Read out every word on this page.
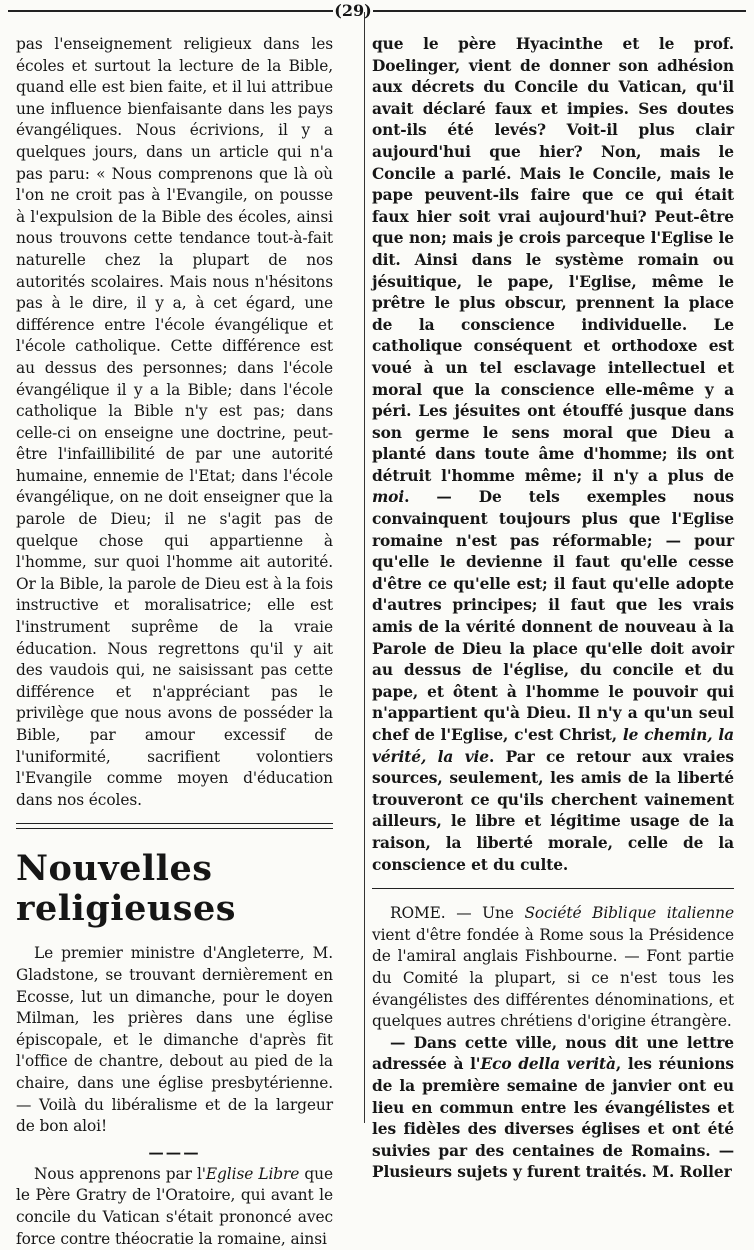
(29)

pas l'enseignement religieux dans les écoles et surtout la lecture de la Bible, quand elle est bien faite, et il lui attribue une influence bienfaisante dans les pays évangéliques. Nous écrivions, il y a quelques jours, dans un article qui n'a pas paru: « Nous comprenons que là où l'on ne croit pas à l'Evangile, on pousse à l'expulsion de la Bible des écoles, ainsi nous trouvons cette tendance tout-à-fait naturelle chez la plupart de nos autorités scolaires. Mais nous n'hésitons pas à le dire, il y a, à cet égard, une différence entre l'école évangélique et l'école catholique. Cette différence est au dessus des personnes; dans l'école évangélique il y a la Bible; dans l'école catholique la Bible n'y est pas; dans celle-ci on enseigne une doctrine, peut-être l'infaillibilité de par une autorité humaine, ennemie de l'Etat; dans l'école évangélique, on ne doit enseigner que la parole de Dieu; il ne s'agit pas de quelque chose qui appartienne à l'homme, sur quoi l'homme ait autorité. Or la Bible, la parole de Dieu est à la fois instructive et moralisatrice; elle est l'instrument suprême de la vraie éducation. Nous regrettons qu'il y ait des vaudois qui, ne saisissant pas cette différence et n'appréciant pas le privilège que nous avons de posséder la Bible, par amour excessif de l'uniformité, sacrifient volontiers l'Evangile comme moyen d'éducation dans nos écoles.

Nouvelles religieuses

Le premier ministre d'Angleterre, M. Gladstone, se trouvant dernièrement en Ecosse, lut un dimanche, pour le doyen Milman, les prières dans une église épiscopale, et le dimanche d'après fit l'office de chantre, debout au pied de la chaire, dans une église presbytérienne. — Voilà du libéralisme et de la largeur de bon aloi!

———

Nous apprenons par l'Eglise Libre que le Père Gratry de l'Oratoire, qui avant le concile du Vatican s'était prononcé avec force contre théocratie la romaine, ainsi

que le père Hyacinthe et le prof. Doelinger, vient de donner son adhésion aux décrets du Concile du Vatican, qu'il avait déclaré faux et impies. Ses doutes ont-ils été levés? Voit-il plus clair aujourd'hui que hier? Non, mais le Concile a parlé. Mais le Concile, mais le pape peuvent-ils faire que ce qui était faux hier soit vrai aujourd'hui? Peut-être que non; mais je crois parceque l'Eglise le dit. Ainsi dans le système romain ou jésuitique, le pape, l'Eglise, même le prêtre le plus obscur, prennent la place de la conscience individuelle. Le catholique conséquent et orthodoxe est voué à un tel esclavage intellectuel et moral que la conscience elle-même y a péri. Les jésuites ont étouffé jusque dans son germe le sens moral que Dieu a planté dans toute âme d'homme; ils ont détruit l'homme même; il n'y a plus de moi. — De tels exemples nous convainquent toujours plus que l'Eglise romaine n'est pas réformable; — pour qu'elle le devienne il faut qu'elle cesse d'être ce qu'elle est; il faut qu'elle adopte d'autres principes; il faut que les vrais amis de la vérité donnent de nouveau à la Parole de Dieu la place qu'elle doit avoir au dessus de l'église, du concile et du pape, et ôtent à l'homme le pouvoir qui n'appartient qu'à Dieu. Il n'y a qu'un seul chef de l'Eglise, c'est Christ, le chemin, la vérité, la vie. Par ce retour aux vraies sources, seulement, les amis de la liberté trouveront ce qu'ils cherchent vainement ailleurs, le libre et légitime usage de la raison, la liberté morale, celle de la conscience et du culte.

ROME. — Une Société Biblique italienne vient d'être fondée à Rome sous la Présidence de l'amiral anglais Fishbourne. — Font partie du Comité la plupart, si ce n'est tous les évangélistes des différentes dénominations, et quelques autres chrétiens d'origine étrangère.

— Dans cette ville, nous dit une lettre adressée à l'Eco della verità, les réunions de la première semaine de janvier ont eu lieu en commun entre les évangélistes et les fidèles des diverses églises et ont été suivies par des centaines de Romains. — Plusieurs sujets y furent traités. M. Roller
